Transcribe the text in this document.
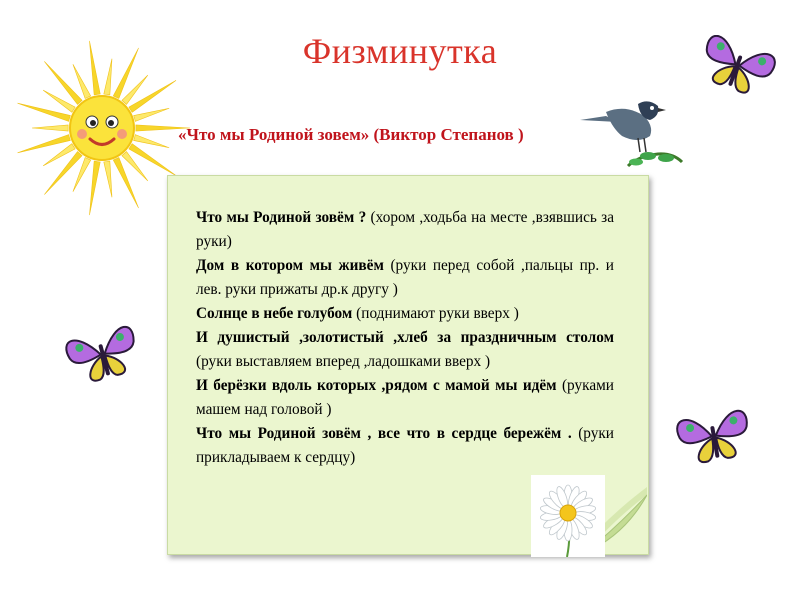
Физминутка
«Что мы Родиной зовем» (Виктор Степанов )
Что мы Родиной зовём ? (хором ,ходьба на месте ,взявшись за руки)
Дом в котором мы живём (руки перед собой ,пальцы пр. и лев. руки прижаты др.к другу )
Солнце в небе голубом (поднимают руки вверх )
И душистый ,золотистый ,хлеб за праздничным столом (руки выставляем вперед ,ладошками вверх )
И берёзки вдоль которых ,рядом с мамой мы идём (руками машем над головой )
Что мы Родиной зовём , все что в сердце бережём . (руки прикладываем к сердцу)
